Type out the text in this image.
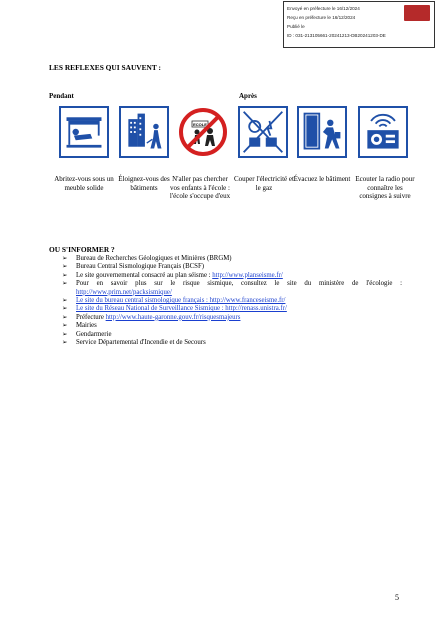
Envoyé en préfecture le 16/12/2024
Reçu en préfecture le 16/12/2024
Publié le
ID : 031-213105661-20241213-DB20241203-DE
LES REFLEXES QUI SAUVENT :
Pendant	Après
ECOLE
Abritez-vous sous un meuble solide
Éloignez-vous des bâtiments
N'aller pas chercher vos enfants à l'école : l'école s'occupe d'eux
Couper l'électricité et le gaz
Évacuez le bâtiment Ecouter la radio pour connaître les consignes à suivre
OU S'INFORMER ?
➢ Bureau de Recherches Géologiques et Minières (BRGM)
➢ Bureau Central Sismologique Français (BCSF)
➢ Le site gouvernemental consacré au plan séisme : http://www.planseisme.fr/
➢ Pour en savoir plus sur le risque sismique, consultez le site du ministère de l'écologie : http://www.prim.net/packsismique/
➢ Le site du bureau central sismologique français : http://www.franceseisme.fr/
➢ Le site du Réseau National de Surveillance Sismique : http://renass.unistra.fr/
➢ Préfecture http://www.haute-garonne.gouv.fr/risquesmajeurs
➢ Mairies
➢ Gendarmerie
➢ Service Départemental d'Incendie et de Secours
5
